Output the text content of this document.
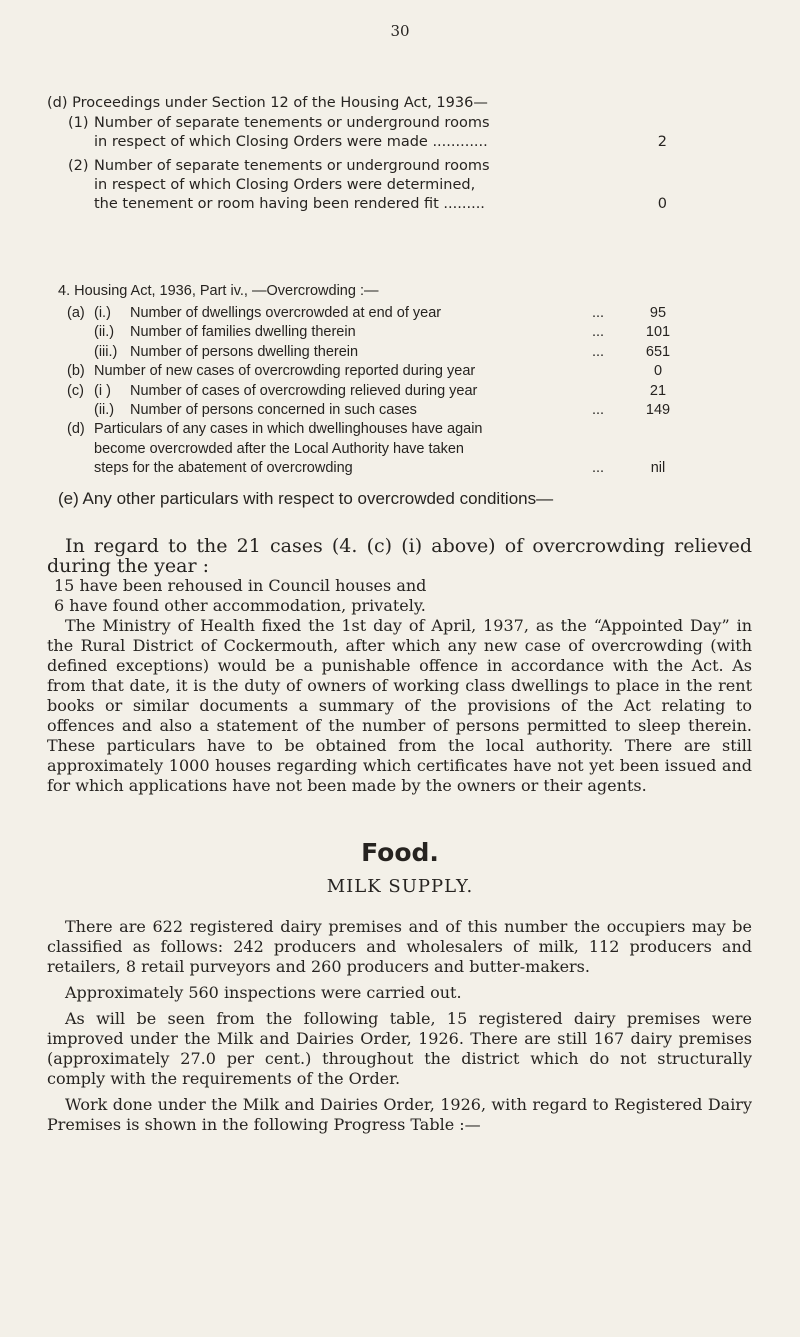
30
(d) Proceedings under Section 12 of the Housing Act, 1936—
(1) Number of separate tenements or underground rooms
in respect of which Closing Orders were made ............	2
(2) Number of separate tenements or underground rooms
in respect of which Closing Orders were determined,
the tenement or room having been rendered fit .........	0
4. Housing Act, 1936, Part iv., —Overcrowding :—
(a) (i.)	Number of dwellings overcrowded at end of year	...	95
(ii.)	Number of families dwelling therein	...	101
(iii.) Number of persons dwelling therein	...	651
(b) Number of new cases of overcrowding reported during year	0
(c) (i )	Number of cases of overcrowding relieved during year	21
(ii.)	Number of persons concerned in such cases	...	149
(d) Particulars of any cases in which dwellinghouses have again
become overcrowded after the Local Authority have taken
steps for the abatement of overcrowding	...	nil
(e) Any other particulars with respect to overcrowded conditions—

In regard to the 21 cases (4. (c) (i) above) of overcrowding relieved during the year :

15 have been rehoused in Council houses and

6 have found other accommodation, privately.

The Ministry of Health fixed the 1st day of April, 1937, as the “Appointed Day” in the Rural District of Cockermouth, after which any new case of overcrowding (with defined exceptions) would be a punishable offence in accordance with the Act. As from that date, it is the duty of owners of working class dwellings to place in the rent books or similar documents a summary of the provisions of the Act relating to offences and also a statement of the number of persons permitted to sleep therein. These particulars have to be obtained from the local authority. There are still approximately 1000 houses regarding which certificates have not yet been issued and for which applications have not been made by the owners or their agents.

Food.
MILK SUPPLY.

There are 622 registered dairy premises and of this number the occupiers may be classified as follows: 242 producers and wholesalers of milk, 112 producers and retailers, 8 retail purveyors and 260 producers and butter-makers.

Approximately 560 inspections were carried out.

As will be seen from the following table, 15 registered dairy premises were improved under the Milk and Dairies Order, 1926. There are still 167 dairy premises (approximately 27.0 per cent.) throughout the district which do not structurally comply with the requirements of the Order.

Work done under the Milk and Dairies Order, 1926, with regard to Registered Dairy Premises is shown in the following Progress Table :—
